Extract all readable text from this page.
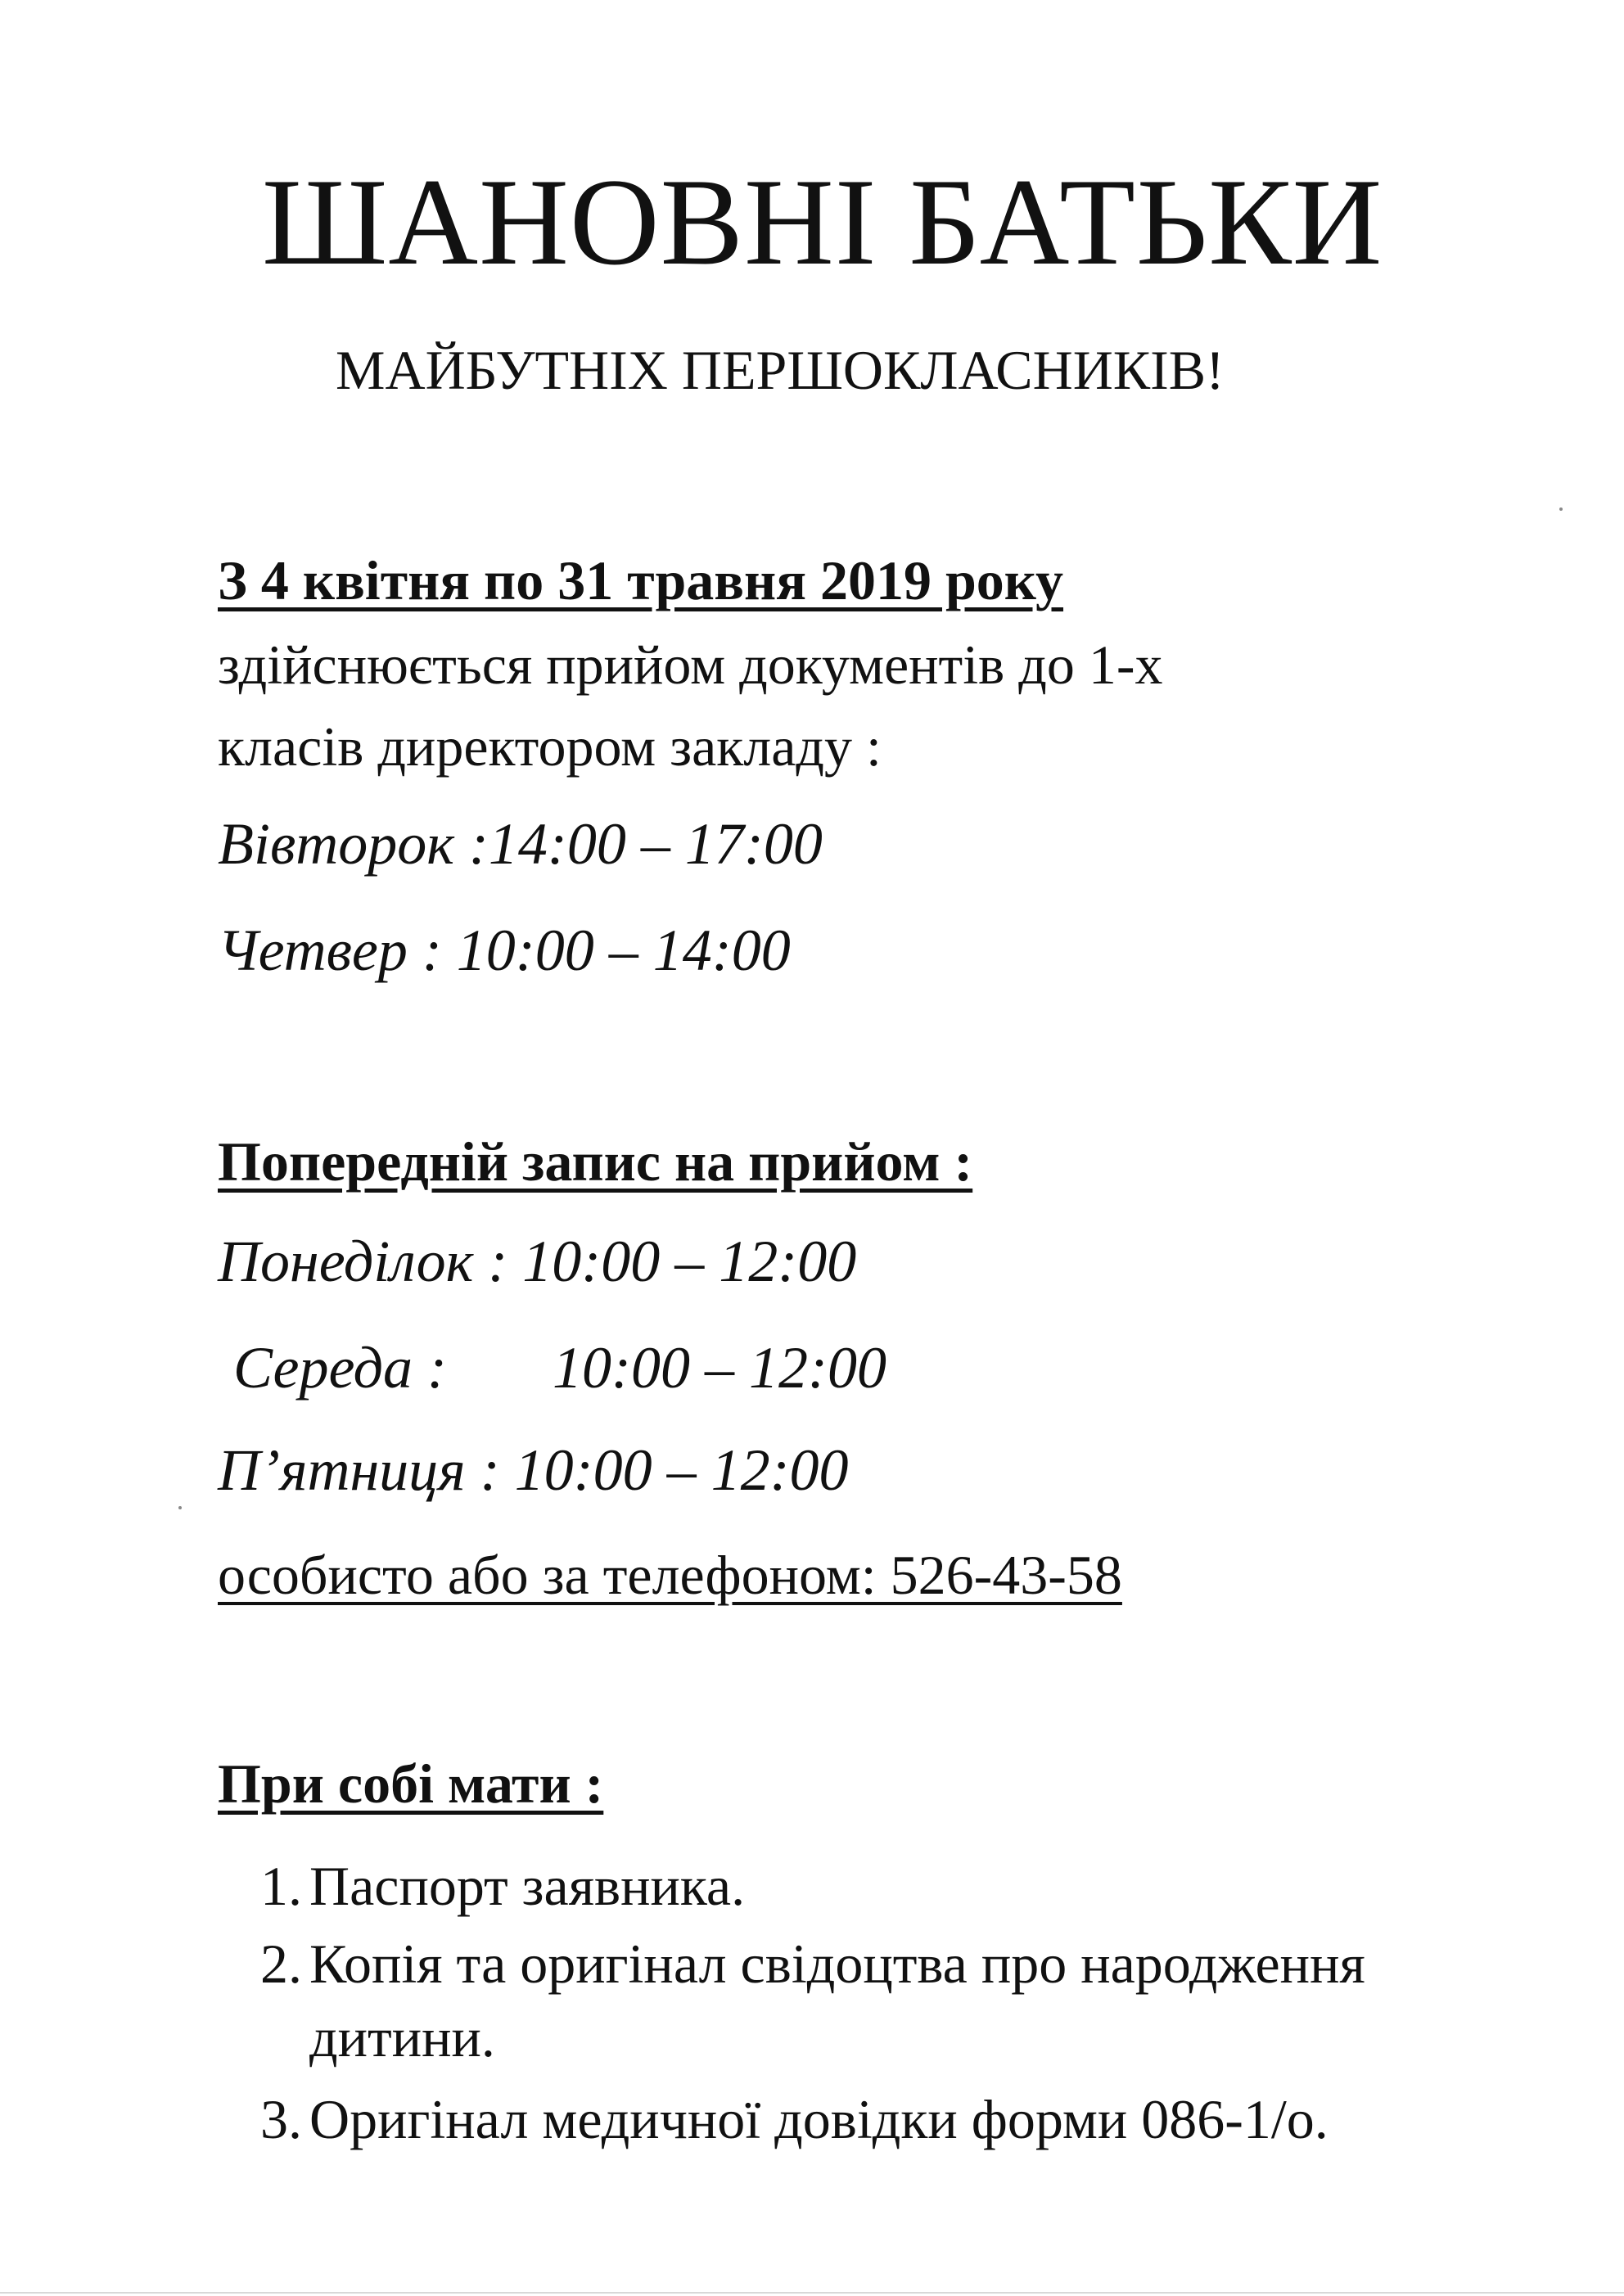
ШАНОВНІ БАТЬКИ
МАЙБУТНІХ ПЕРШОКЛАСНИКІВ!
З 4 квітня по 31 травня 2019 року
здійснюється прийом документів до 1-х
класів директором закладу :
Вівторок :14:00 – 17:00
Четвер : 10:00 – 14:00
Попередній запис на прийом :
Понеділок : 10:00 – 12:00
Середа : 10:00 – 12:00
П’ятниця : 10:00 – 12:00
особисто або за телефоном: 526-43-58
При собі мати :
1. Паспорт заявника.
2. Копія та оригінал свідоцтва про народження
дитини.
3. Оригінал медичної довідки форми 086-1/о.
